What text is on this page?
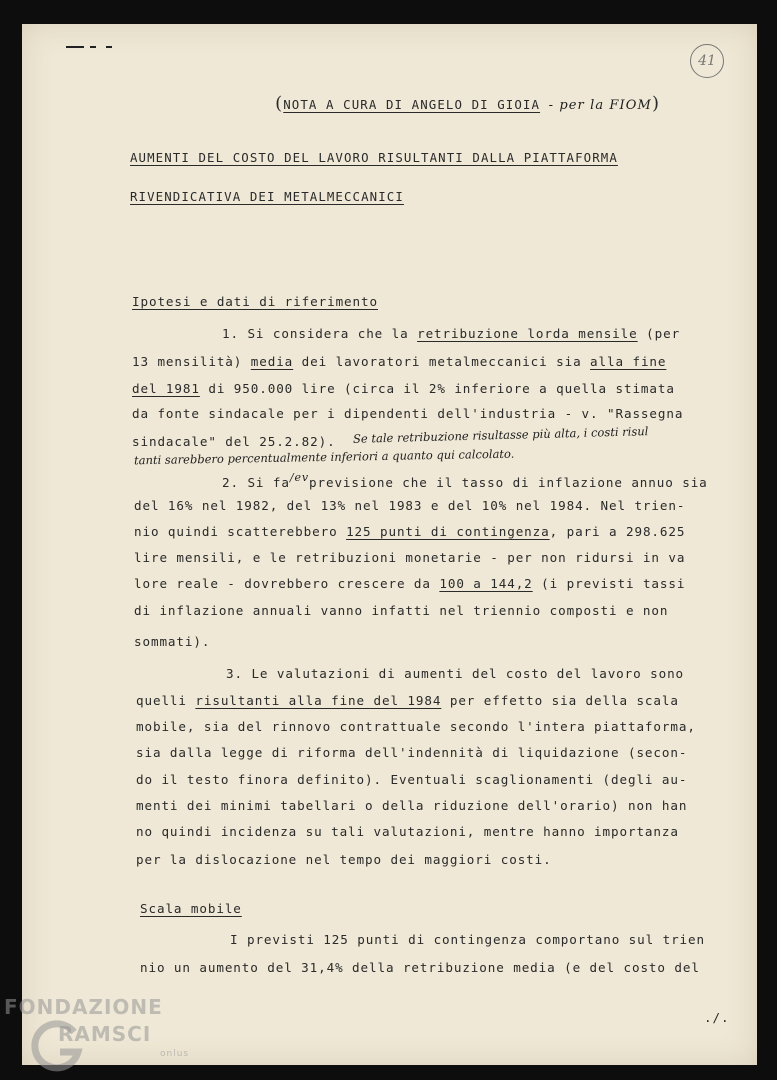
41

(NOTA A CURA DI ANGELO DI GIOIA - per la FIOM)

AUMENTI DEL COSTO DEL LAVORO RISULTANTI DALLA PIATTAFORMA
RIVENDICATIVA DEI METALMECCANICI
Ipotesi e dati di riferimento
1. Si considera che la retribuzione lorda mensile (per
13 mensilità) media dei lavoratori metalmeccanici sia alla fine
del 1981 di 950.000 lire (circa il 2% inferiore a quella stimata
da fonte sindacale per i dipendenti dell'industria - v. "Rassegna
sindacale" del 25.2.82). Se tale retribuzione risultasse più alta, i costi risul
tanti sarebbero percentualmente inferiori a quanto qui calcolato.
2. Si fa/evprevisione che il tasso di inflazione annuo sia
del 16% nel 1982, del 13% nel 1983 e del 10% nel 1984. Nel trien-
nio quindi scatterebbero 125 punti di contingenza, pari a 298.625
lire mensili, e le retribuzioni monetarie - per non ridursi in va
lore reale - dovrebbero crescere da 100 a 144,2 (i previsti tassi
di inflazione annuali vanno infatti nel triennio composti e non
sommati).
3. Le valutazioni di aumenti del costo del lavoro sono
quelli risultanti alla fine del 1984 per effetto sia della scala
mobile, sia del rinnovo contrattuale secondo l'intera piattaforma,
sia dalla legge di riforma dell'indennità di liquidazione (secon-
do il testo finora definito). Eventuali scaglionamenti (degli au-
menti dei minimi tabellari o della riduzione dell'orario) non han
no quindi incidenza su tali valutazioni, mentre hanno importanza
per la dislocazione nel tempo dei maggiori costi.
Scala mobile
I previsti 125 punti di contingenza comportano sul trien
nio un aumento del 31,4% della retribuzione media (e del costo del
./.
FONDAZIONE
RAMSCI
onlus
